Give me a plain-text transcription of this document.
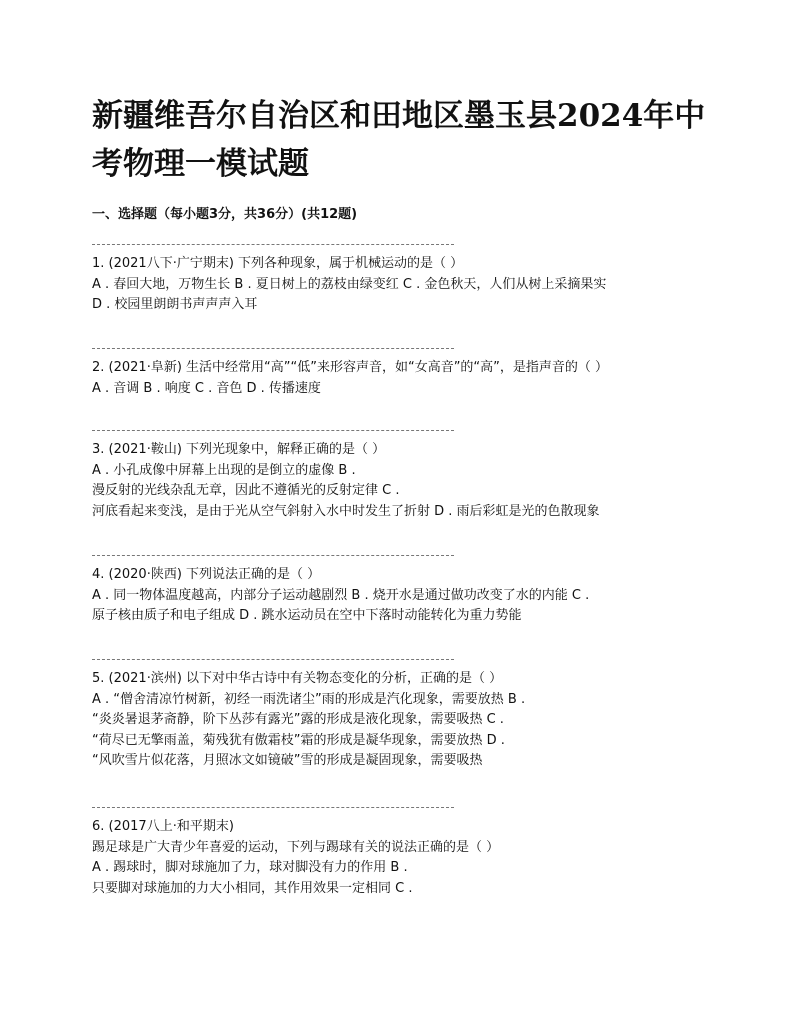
新疆维吾尔自治区和田地区墨玉县2024年中
考物理一模试题
一、选择题（每小题3分，共36分）(共12题)
1. (2021八下·广宁期末) 下列各种现象，属于机械运动的是（ ）
A . 春回大地，万物生长 B . 夏日树上的荔枝由绿变红 C . 金色秋天，人们从树上采摘果实
D . 校园里朗朗书声声声入耳
2. (2021·阜新) 生活中经常用“高”“低”来形容声音，如“女高音”的“高”，是指声音的（ ）
A . 音调 B . 响度 C . 音色 D . 传播速度
3. (2021·鞍山) 下列光现象中，解释正确的是（ ）
A . 小孔成像中屏幕上出现的是倒立的虚像 B .
漫反射的光线杂乱无章，因此不遵循光的反射定律 C .
河底看起来变浅，是由于光从空气斜射入水中时发生了折射 D . 雨后彩虹是光的色散现象
4. (2020·陕西) 下列说法正确的是（ ）
A . 同一物体温度越高，内部分子运动越剧烈 B . 烧开水是通过做功改变了水的内能 C .
原子核由质子和电子组成 D . 跳水运动员在空中下落时动能转化为重力势能
5. (2021·滨州) 以下对中华古诗中有关物态变化的分析，正确的是（ ）
A . “僧舍清凉竹树新，初经一雨洗诸尘”雨的形成是汽化现象，需要放热 B .
“炎炎暑退茅斋静，阶下丛莎有露光”露的形成是液化现象，需要吸热 C .
“荷尽已无擎雨盖，菊残犹有傲霜枝”霜的形成是凝华现象，需要放热 D .
“风吹雪片似花落，月照冰文如镜破”雪的形成是凝固现象，需要吸热
6. (2017八上·和平期末)
踢足球是广大青少年喜爱的运动，下列与踢球有关的说法正确的是（ ）
A . 踢球时，脚对球施加了力，球对脚没有力的作用 B .
只要脚对球施加的力大小相同，其作用效果一定相同 C .
